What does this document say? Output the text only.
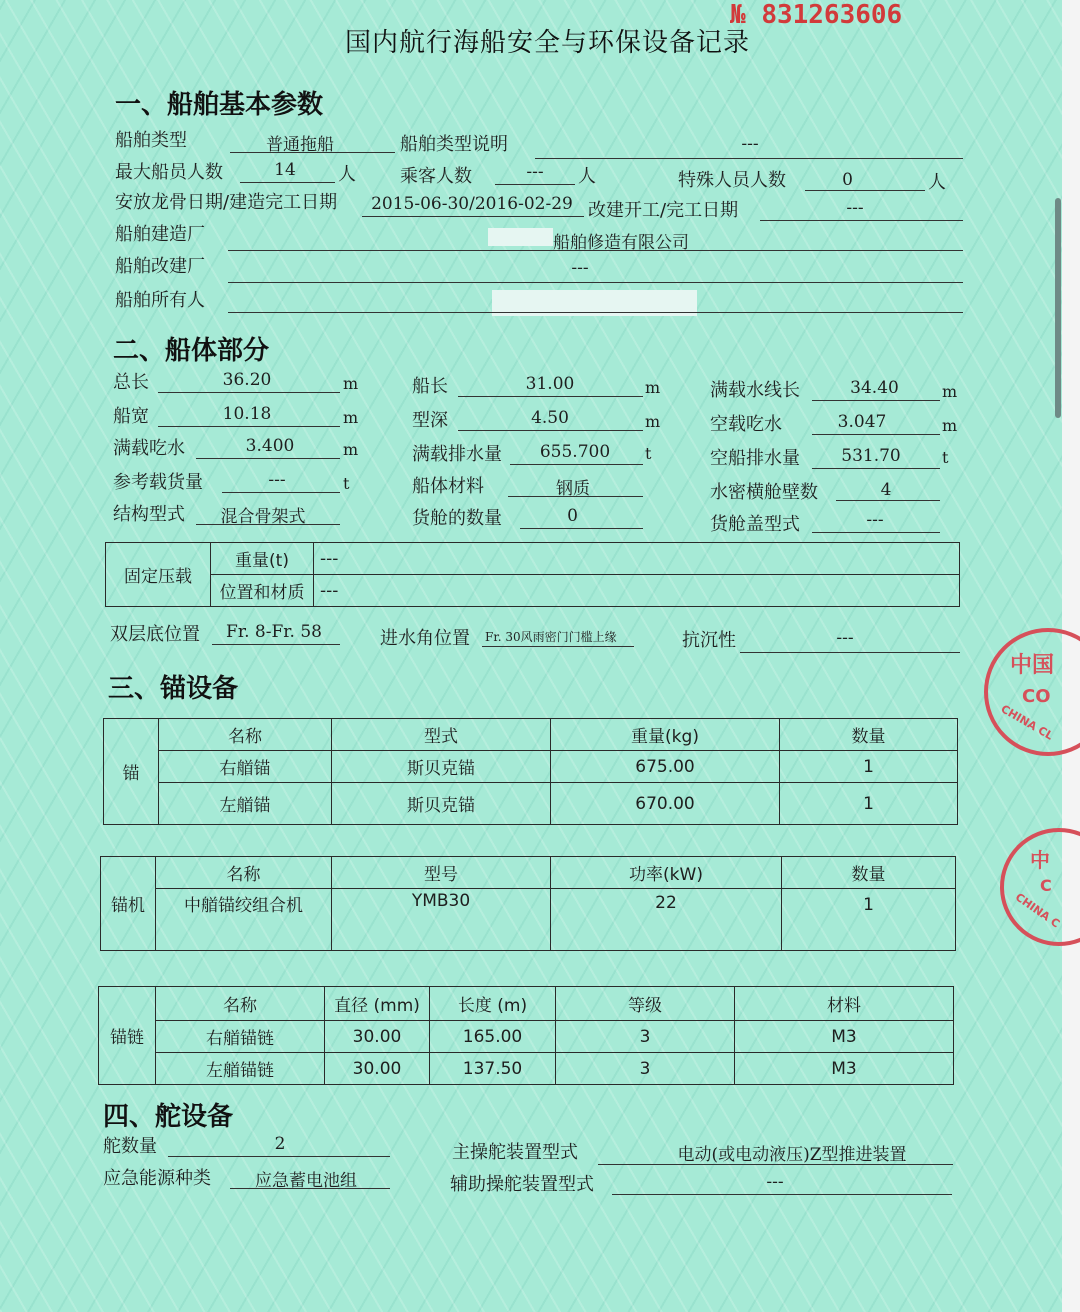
№ 831263606
国内航行海船安全与环保设备记录
一、船舶基本参数
船舶类型	普通拖船	船舶类型说明	---
最大船员人数	14	人 乘客人数	---	人	特殊人员人数	0	人
安放龙骨日期/建造完工日期	2015-06-30/2016-02-29 改建开工/完工日期	---
船舶建造厂	船舶修造有限公司
船舶改建厂	---
船舶所有人
二、船体部分
总长	36.20	m	船长	31.00	m	满载水线长	34.40	m
船宽	10.18	m	型深	4.50	m	空载吃水	3.047	m
满载吃水	3.400	m	满载排水量	655.700	t	空船排水量	531.70	t
参考载货量	---	t	船体材料	钢质	水密横舱壁数	4
结构型式	混合骨架式	货舱的数量	0	货舱盖型式	---
固定压载	重量(t)	---
	位置和材质	---
双层底位置	Fr. 8-Fr. 58	进水角位置 Fr. 30风雨密门门槛上缘	抗沉性	---
三、锚设备
锚	名称	型式	重量(kg)	数量
	右艏锚	斯贝克锚	675.00	1
	左艏锚	斯贝克锚	670.00	1
锚机	名称	型号	功率(kW)	数量
	中艏锚绞组合机	YMB30	22	1
锚链	名称	直径 (mm)	长度 (m)	等级	材料
	右艏锚链	30.00	165.00	3	M3
	左艏锚链	30.00	137.50	3	M3
四、舵设备
舵数量	2	主操舵装置型式	电动(或电动液压)Z型推进装置
应急能源种类	应急蓄电池组	辅助操舵装置型式	---
中国
CO
CHINA CL
中
C
CHINA C
